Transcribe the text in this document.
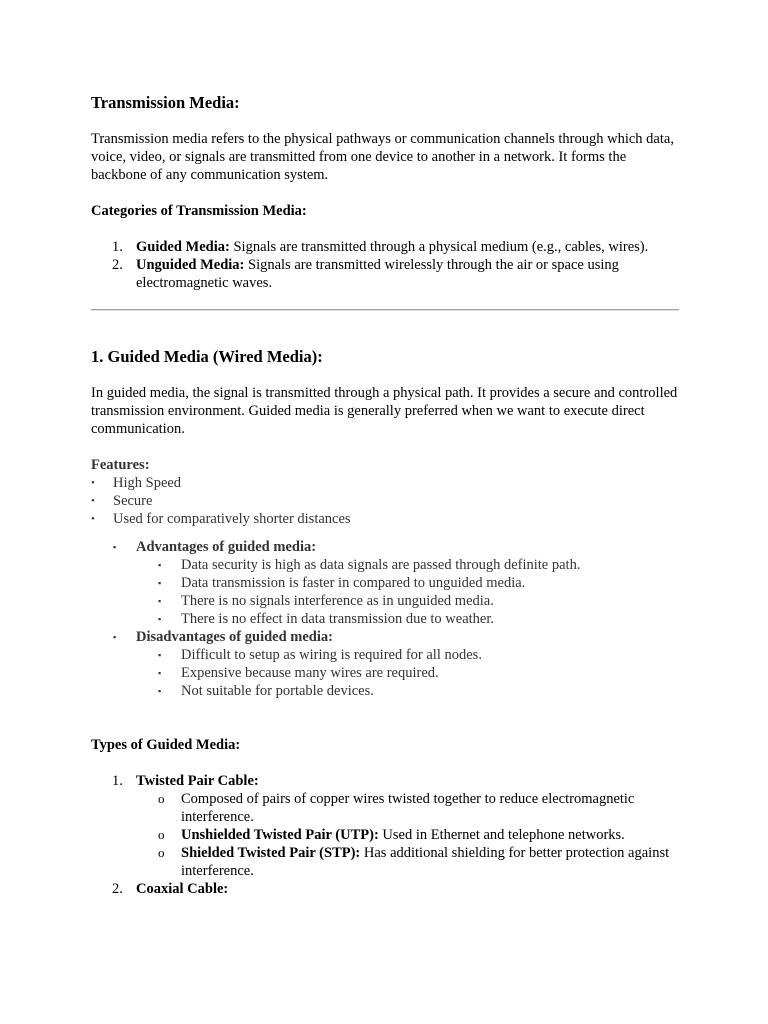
Transmission Media:

Transmission media refers to the physical pathways or communication channels through which data, voice, video, or signals are transmitted from one device to another in a network. It forms the backbone of any communication system.

Categories of Transmission Media:

1. Guided Media: Signals are transmitted through a physical medium (e.g., cables, wires).
2. Unguided Media: Signals are transmitted wirelessly through the air or space using electromagnetic waves.
1. Guided Media (Wired Media):

In guided media, the signal is transmitted through a physical path. It provides a secure and controlled transmission environment. Guided media is generally preferred when we want to execute direct communication.

Features:

• High Speed
• Secure
• Used for comparatively shorter distances
▪ Advantages of guided media:
▪ Data security is high as data signals are passed through definite path.
▪ Data transmission is faster in compared to unguided media.
▪ There is no signals interference as in unguided media.
▪ There is no effect in data transmission due to weather.
▪ Disadvantages of guided media:
▪ Difficult to setup as wiring is required for all nodes.
▪ Expensive because many wires are required.
▪ Not suitable for portable devices.

Types of Guided Media:

1. Twisted Pair Cable:
o Composed of pairs of copper wires twisted together to reduce electromagnetic interference.
o Unshielded Twisted Pair (UTP): Used in Ethernet and telephone networks.
o Shielded Twisted Pair (STP): Has additional shielding for better protection against interference.
2. Coaxial Cable:
